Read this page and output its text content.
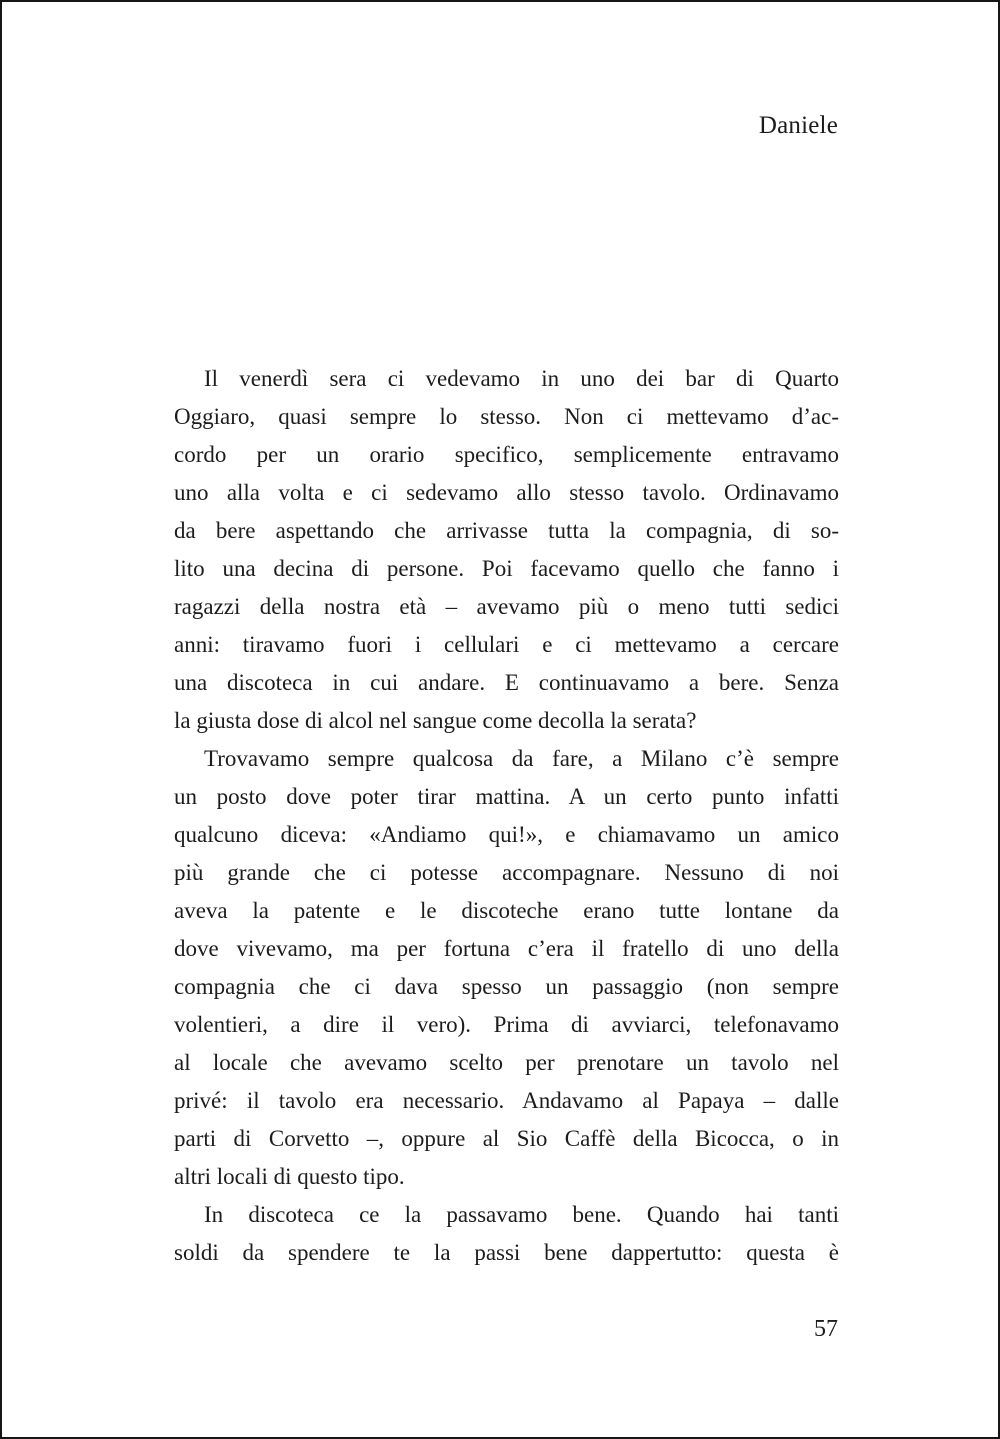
Daniele
Il venerdì sera ci vedevamo in uno dei bar di Quarto
Oggiaro, quasi sempre lo stesso. Non ci mettevamo d’ac-
cordo per un orario specifico, semplicemente entravamo
uno alla volta e ci sedevamo allo stesso tavolo. Ordinavamo
da bere aspettando che arrivasse tutta la compagnia, di so-
lito una decina di persone. Poi facevamo quello che fanno i
ragazzi della nostra età – avevamo più o meno tutti sedici
anni: tiravamo fuori i cellulari e ci mettevamo a cercare
una discoteca in cui andare. E continuavamo a bere. Senza
la giusta dose di alcol nel sangue come decolla la serata?
Trovavamo sempre qualcosa da fare, a Milano c’è sempre
un posto dove poter tirar mattina. A un certo punto infatti
qualcuno diceva: «Andiamo qui!», e chiamavamo un amico
più grande che ci potesse accompagnare. Nessuno di noi
aveva la patente e le discoteche erano tutte lontane da
dove vivevamo, ma per fortuna c’era il fratello di uno della
compagnia che ci dava spesso un passaggio (non sempre
volentieri, a dire il vero). Prima di avviarci, telefonavamo
al locale che avevamo scelto per prenotare un tavolo nel
privé: il tavolo era necessario. Andavamo al Papaya – dalle
parti di Corvetto –, oppure al Sio Caffè della Bicocca, o in
altri locali di questo tipo.
In discoteca ce la passavamo bene. Quando hai tanti
soldi da spendere te la passi bene dappertutto: questa è
57
